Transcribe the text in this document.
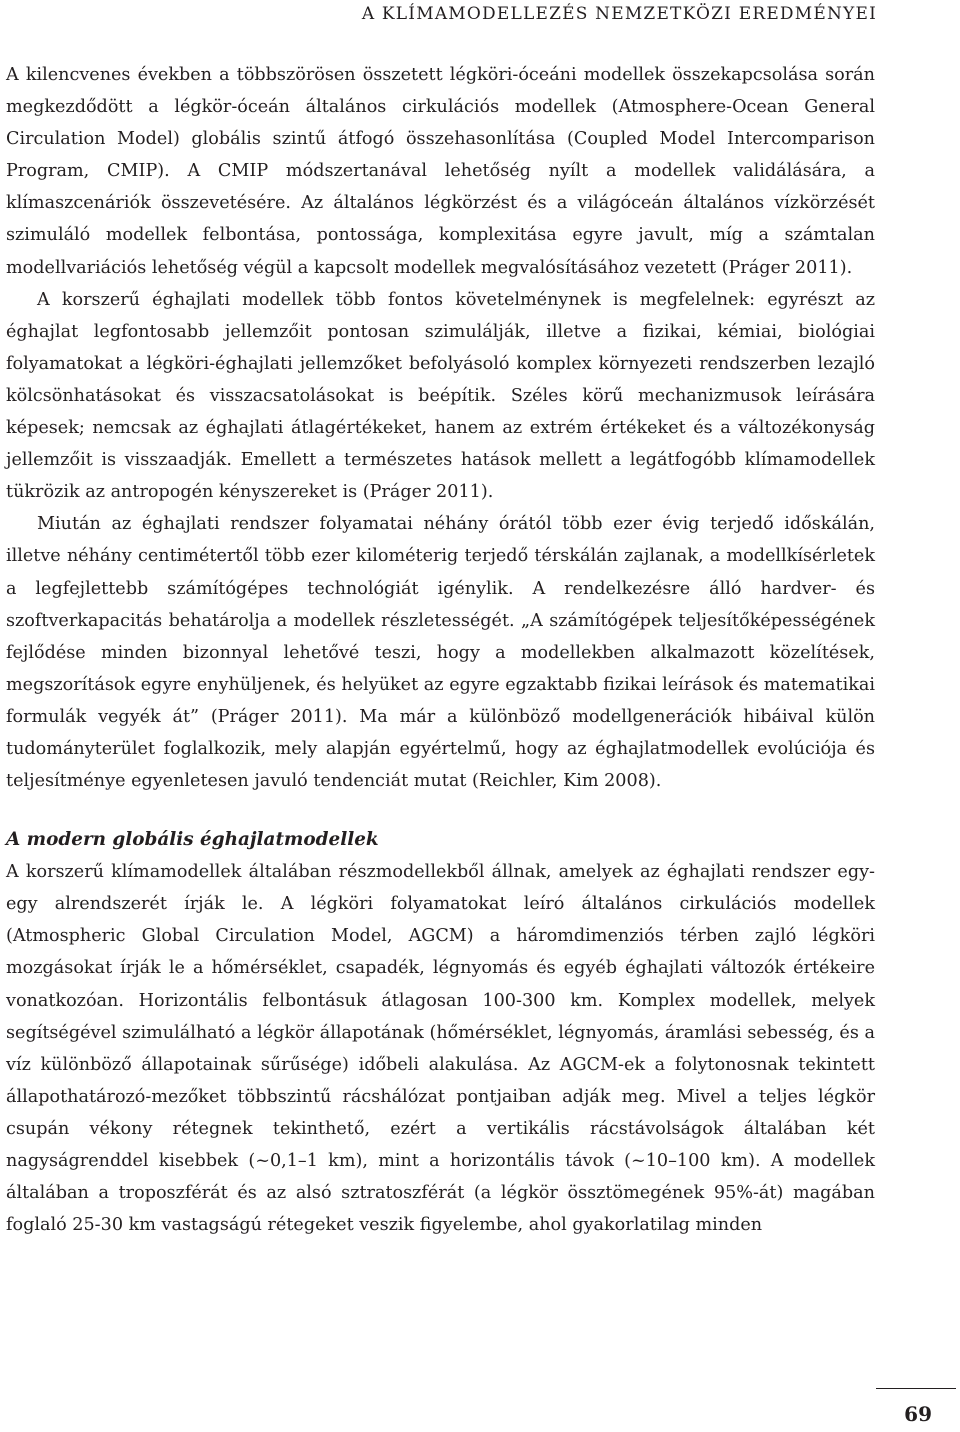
A KLÍMAMODELLEZÉS NEMZETKÖZI EREDMÉNYEI

A kilencvenes években a többszörösen összetett légköri-óceáni modellek összekapcsolása során megkezdődött a légkör-óceán általános cirkulációs modellek (Atmosphere-Ocean General Circulation Model) globális szintű átfogó összehasonlítása (Coupled Model Intercomparison Program, CMIP). A CMIP módszertanával lehetőség nyílt a modellek validálására, a klímaszcenáriók összevetésére. Az általános légkörzést és a világóceán általános vízkörzését szimuláló modellek felbontása, pontossága, komplexitása egyre javult, míg a számtalan modellvariációs lehetőség végül a kapcsolt modellek megvalósításához vezetett (Práger 2011).

A korszerű éghajlati modellek több fontos követelménynek is megfelelnek: egyrészt az éghajlat legfontosabb jellemzőit pontosan szimulálják, illetve a fizikai, kémiai, biológiai folyamatokat a légköri-éghajlati jellemzőket befolyásoló komplex környezeti rendszerben lezajló kölcsönhatásokat és visszacsatolásokat is beépítik. Széles körű mechanizmusok leírására képesek; nemcsak az éghajlati átlagértékeket, hanem az extrém értékeket és a változékonyság jellemzőit is visszaadják. Emellett a természetes hatások mellett a legátfogóbb klímamodellek tükrözik az antropogén kényszereket is (Práger 2011).

Miután az éghajlati rendszer folyamatai néhány órától több ezer évig terjedő időskálán, illetve néhány centimétertől több ezer kilométerig terjedő térskálán zajlanak, a modellkísérletek a legfejlettebb számítógépes technológiát igénylik. A rendelkezésre álló hardver- és szoftverkapacitás behatárolja a modellek részletességét. „A számítógépek teljesítőképességének fejlődése minden bizonnyal lehetővé teszi, hogy a modellekben alkalmazott közelítések, megszorítások egyre enyhüljenek, és helyüket az egyre egzaktabb fizikai leírások és matematikai formulák vegyék át” (Práger 2011). Ma már a különböző modellgenerációk hibáival külön tudományterület foglalkozik, mely alapján egyértelmű, hogy az éghajlatmodellek evolúciója és teljesítménye egyenletesen javuló tendenciát mutat (Reichler, Kim 2008).

A modern globális éghajlatmodellek

A korszerű klímamodellek általában részmodellekből állnak, amelyek az éghajlati rendszer egy-egy alrendszerét írják le. A légköri folyamatokat leíró általános cirkulációs modellek (Atmospheric Global Circulation Model, AGCM) a háromdimenziós térben zajló légköri mozgásokat írják le a hőmérséklet, csapadék, légnyomás és egyéb éghajlati változók értékeire vonatkozóan. Horizontális felbontásuk átlagosan 100-300 km. Komplex modellek, melyek segítségével szimulálható a légkör állapotának (hőmérséklet, légnyomás, áramlási sebesség, és a víz különböző állapotainak sűrűsége) időbeli alakulása. Az AGCM-ek a folytonosnak tekintett állapothatározó-mezőket többszintű rácshálózat pontjaiban adják meg. Mivel a teljes légkör csupán vékony rétegnek tekinthető, ezért a vertikális rácstávolságok általában két nagyságrenddel kisebbek (~0,1–1 km), mint a horizontális távok (~10–100 km). A modellek általában a troposzférát és az alsó sztratoszférát (a légkör össztömegének 95%-át) magában foglaló 25-30 km vastagságú rétegeket veszik figyelembe, ahol gyakorlatilag minden

69
